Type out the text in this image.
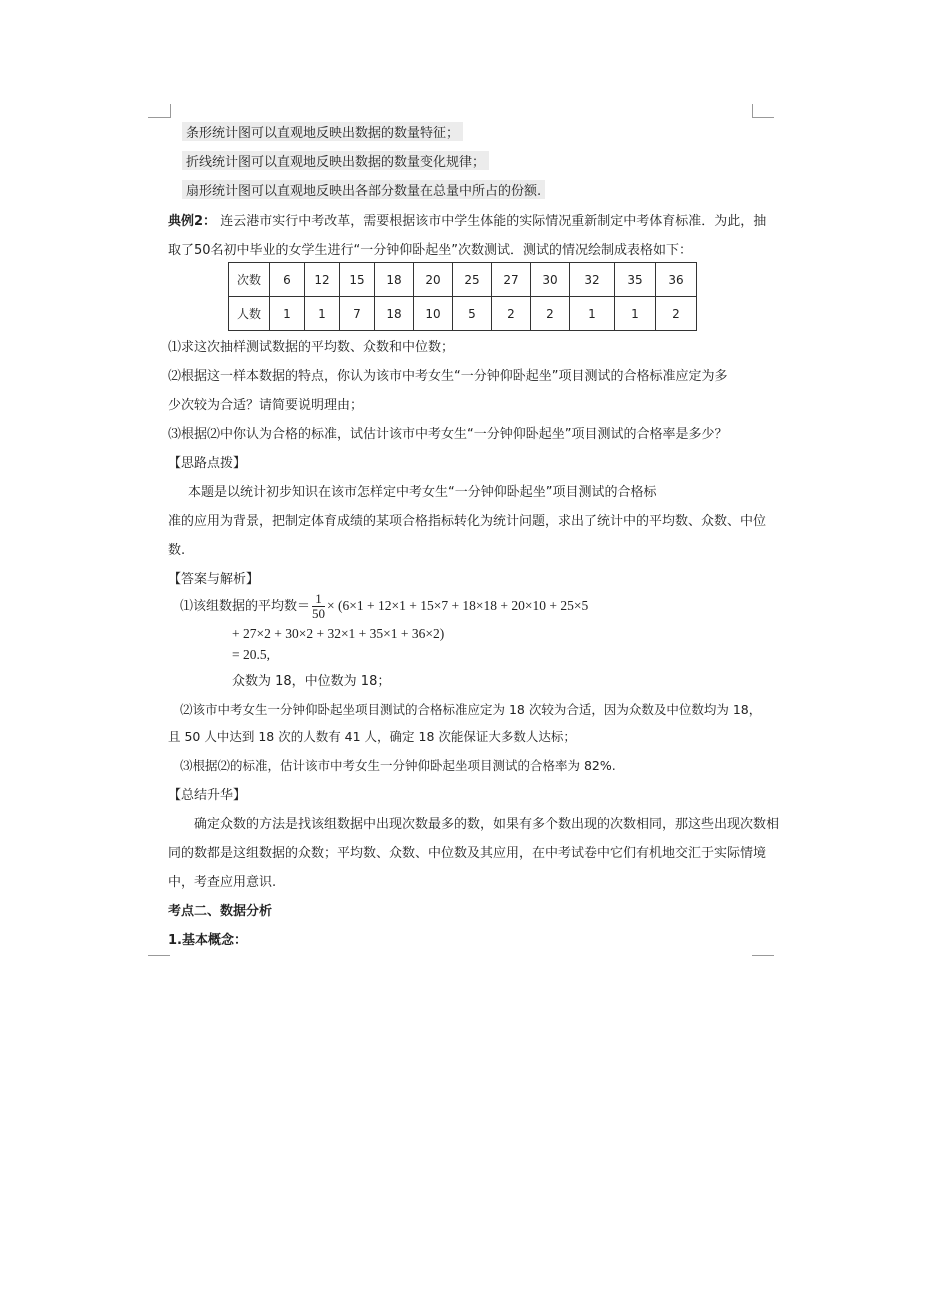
条形统计图可以直观地反映出数据的数量特征；
折线统计图可以直观地反映出数据的数量变化规律；
扇形统计图可以直观地反映出各部分数量在总量中所占的份额.
典例2： 连云港市实行中考改革，需要根据该市中学生体能的实际情况重新制定中考体育标准．为此，抽
取了50名初中毕业的女学生进行“一分钟仰卧起坐”次数测试．测试的情况绘制成表格如下：
次数	6	12	15	18	20	25	27	30	32	35	36
人数	1	1	7	18	10	5	2	2	1	1	2
⑴求这次抽样测试数据的平均数、众数和中位数；
⑵根据这一样本数据的特点，你认为该市中考女生“一分钟仰卧起坐”项目测试的合格标准应定为多
少次较为合适？请简要说明理由；
⑶根据⑵中你认为合格的标准，试估计该市中考女生“一分钟仰卧起坐”项目测试的合格率是多少？
【思路点拨】
本题是以统计初步知识在该市怎样定中考女生“一分钟仰卧起坐”项目测试的合格标
准的应用为背景，把制定体育成绩的某项合格指标转化为统计问题，求出了统计中的平均数、众数、中位
数.
【答案与解析】
⑴该组数据的平均数＝ $\frac{1}{50} \times (6\times 1 + 12\times 1 + 15\times 7 + 18\times 18 + 20\times 10 + 25\times 5$
+ 27×2 + 30×2 + 32×1 + 35×1 + 36×2)
= 20.5,
众数为 18，中位数为 18；
⑵该市中考女生一分钟仰卧起坐项目测试的合格标准应定为 18 次较为合适，因为众数及中位数均为 18，
且 50 人中达到 18 次的人数有 41 人，确定 18 次能保证大多数人达标；
⑶根据⑵的标准，估计该市中考女生一分钟仰卧起坐项目测试的合格率为 82%.
【总结升华】
确定众数的方法是找该组数据中出现次数最多的数，如果有多个数出现的次数相同，那这些出现次数相
同的数都是这组数据的众数；平均数、众数、中位数及其应用，在中考试卷中它们有机地交汇于实际情境
中，考查应用意识.
考点二、数据分析
1.基本概念：
